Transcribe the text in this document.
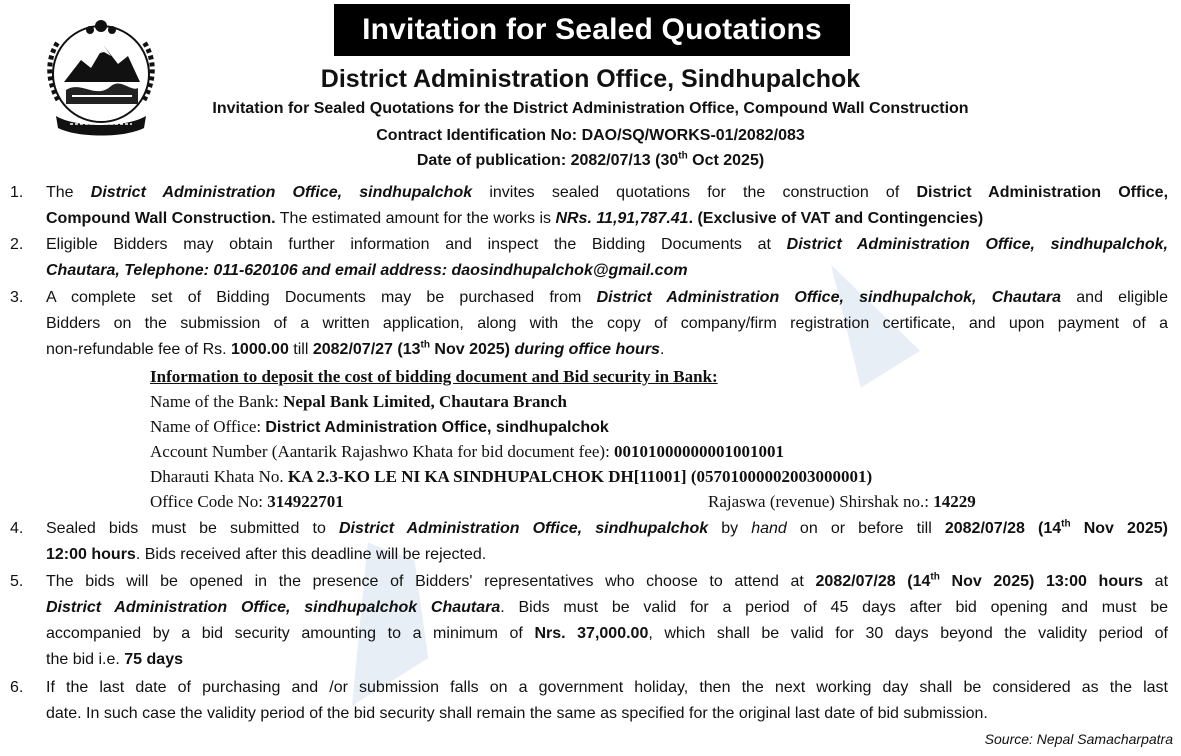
Invitation for Sealed Quotations
District Administration Office, Sindhupalchok
Invitation for Sealed Quotations for the District Administration Office, Compound Wall Construction
Contract Identification No: DAO/SQ/WORKS-01/2082/083
Date of publication: 2082/07/13 (30th Oct 2025)
1. The District Administration Office, sindhupalchok invites sealed quotations for the construction of District Administration Office,
Compound Wall Construction. The estimated amount for the works is NRs. 11,91,787.41. (Exclusive of VAT and Contingencies)
2. Eligible Bidders may obtain further information and inspect the Bidding Documents at District Administration Office, sindhupalchok,
Chautara, Telephone: 011-620106 and email address: daosindhupalchok@gmail.com
3. A complete set of Bidding Documents may be purchased from District Administration Office, sindhupalchok, Chautara and eligible
Bidders on the submission of a written application, along with the copy of company/firm registration certificate, and upon payment of a
non-refundable fee of Rs. 1000.00 till 2082/07/27 (13th Nov 2025) during office hours.
4. Sealed bids must be submitted to District Administration Office, sindhupalchok by hand on or before till 2082/07/28 (14th Nov 2025)
12:00 hours. Bids received after this deadline will be rejected.
5. The bids will be opened in the presence of Bidders' representatives who choose to attend at 2082/07/28 (14th Nov 2025) 13:00 hours at
District Administration Office, sindhupalchok Chautara. Bids must be valid for a period of 45 days after bid opening and must be
accompanied by a bid security amounting to a minimum of Nrs. 37,000.00, which shall be valid for 30 days beyond the validity period of
the bid i.e. 75 days
6. If the last date of purchasing and /or submission falls on a government holiday, then the next working day shall be considered as the last
date. In such case the validity period of the bid security shall remain the same as specified for the original last date of bid submission.
Information to deposit the cost of bidding document and Bid security in Bank:
Name of the Bank: Nepal Bank Limited, Chautara Branch
Name of Office: District Administration Office, sindhupalchok
Account Number (Aantarik Rajashwo Khata for bid document fee): 00101000000001001001
Dharauti Khata No. KA 2.3-KO LE NI KA SINDHUPALCHOK DH[11001] (05701000002003000001)
Office Code No: 314922701	Rajaswa (revenue) Shirshak no.: 14229
Source: Nepal Samacharpatra
